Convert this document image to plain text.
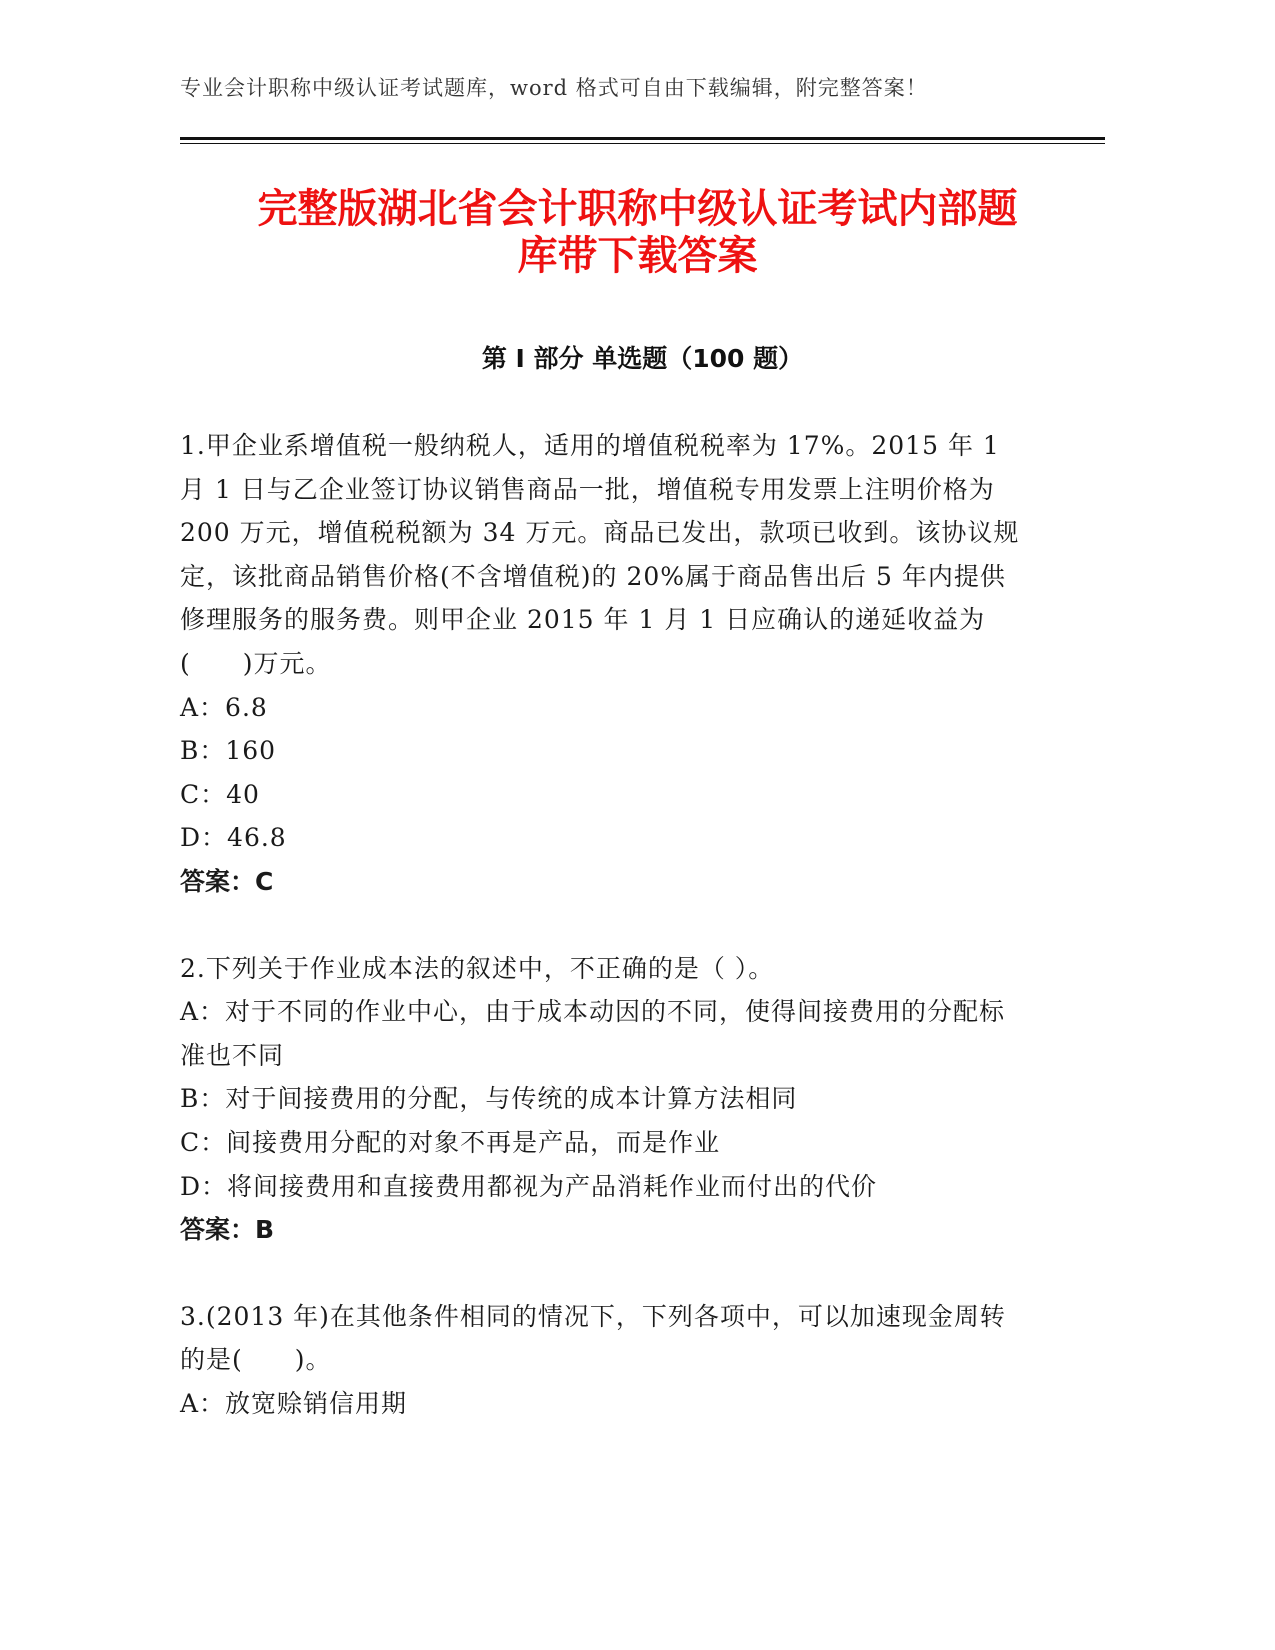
专业会计职称中级认证考试题库，word 格式可自由下载编辑，附完整答案！
完整版湖北省会计职称中级认证考试内部题
库带下载答案
第 I 部分 单选题（100 题）

1.甲企业系增值税一般纳税人，适用的增值税税率为 17%。2015 年 1 月 1 日与乙企业签订协议销售商品一批，增值税专用发票上注明价格为 200 万元，增值税税额为 34 万元。商品已发出，款项已收到。该协议规定，该批商品销售价格(不含增值税)的 20%属于商品售出后 5 年内提供修理服务的服务费。则甲企业 2015 年 1 月 1 日应确认的递延收益为(　　)万元。

A：6.8

B：160

C：40

D：46.8

答案：C

2.下列关于作业成本法的叙述中，不正确的是（ ）。

A：对于不同的作业中心，由于成本动因的不同，使得间接费用的分配标准也不同

B：对于间接费用的分配，与传统的成本计算方法相同

C：间接费用分配的对象不再是产品，而是作业

D：将间接费用和直接费用都视为产品消耗作业而付出的代价

答案：B

3.(2013 年)在其他条件相同的情况下，下列各项中，可以加速现金周转的是(　　)。

A：放宽赊销信用期
